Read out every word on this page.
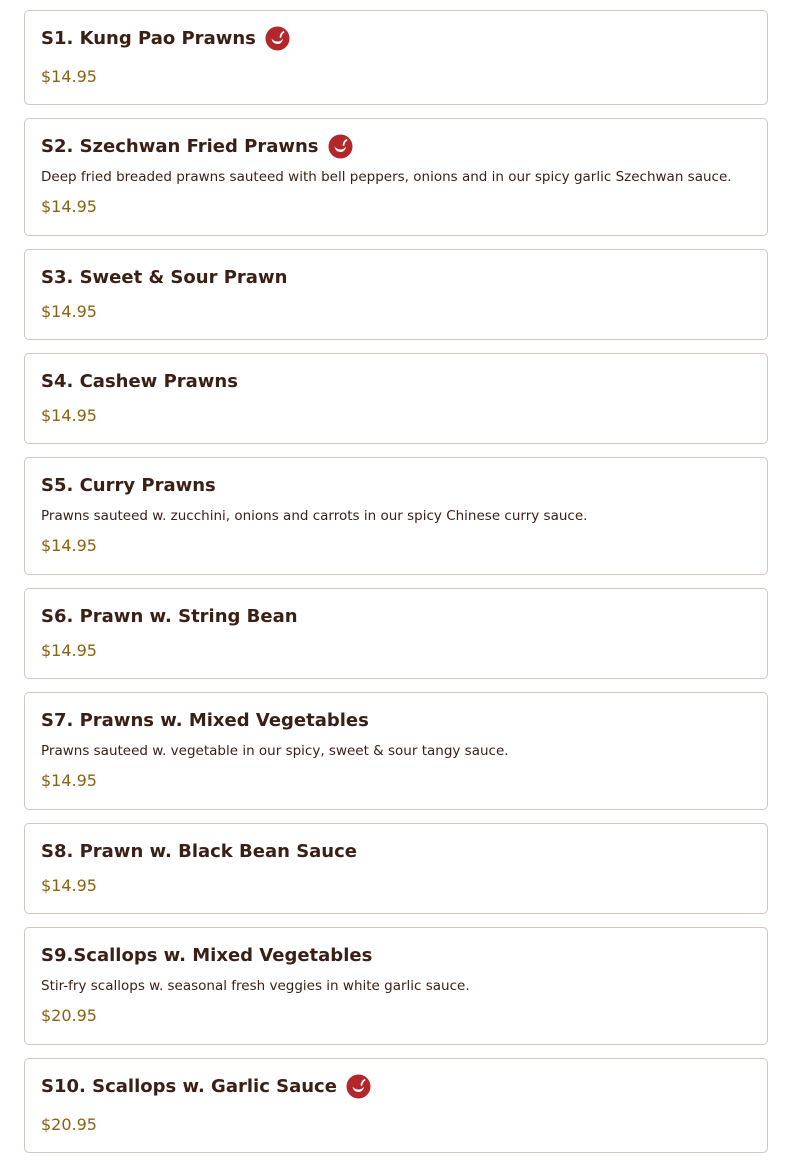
S1. Kung Pao Prawns
$14.95
S2. Szechwan Fried Prawns
Deep fried breaded prawns sauteed with bell peppers, onions and in our spicy garlic Szechwan sauce.
$14.95
S3. Sweet & Sour Prawn
$14.95
S4. Cashew Prawns
$14.95
S5. Curry Prawns
Prawns sauteed w. zucchini, onions and carrots in our spicy Chinese curry sauce.
$14.95
S6. Prawn w. String Bean
$14.95
S7. Prawns w. Mixed Vegetables
Prawns sauteed w. vegetable in our spicy, sweet & sour tangy sauce.
$14.95
S8. Prawn w. Black Bean Sauce
$14.95
S9.Scallops w. Mixed Vegetables
Stir-fry scallops w. seasonal fresh veggies in white garlic sauce.
$20.95
S10. Scallops w. Garlic Sauce
$20.95
